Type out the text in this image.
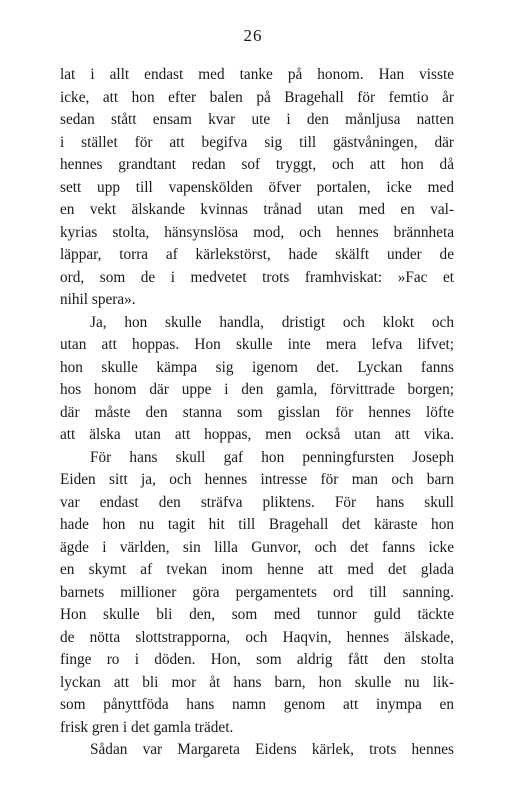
26
lat i allt endast med tanke på honom. Han visste
icke, att hon efter balen på Bragehall för femtio år
sedan stått ensam kvar ute i den månljusa natten
i stället för att begifva sig till gästvåningen, där
hennes grandtant redan sof tryggt, och att hon då
sett upp till vapenskölden öfver portalen, icke med
en vekt älskande kvinnas trånad utan med en val-
kyrias stolta, hänsynslösa mod, och hennes brännheta
läppar, torra af kärlekstörst, hade skälft under de
ord, som de i medvetet trots framhviskat: »Fac et
nihil spera».
Ja, hon skulle handla, dristigt och klokt och
utan att hoppas. Hon skulle inte mera lefva lifvet;
hon skulle kämpa sig igenom det. Lyckan fanns
hos honom där uppe i den gamla, förvittrade borgen;
där måste den stanna som gisslan för hennes löfte
att älska utan att hoppas, men också utan att vika.
För hans skull gaf hon penningfursten Joseph
Eiden sitt ja, och hennes intresse för man och barn
var endast den sträfva pliktens. För hans skull
hade hon nu tagit hit till Bragehall det käraste hon
ägde i världen, sin lilla Gunvor, och det fanns icke
en skymt af tvekan inom henne att med det glada
barnets millioner göra pergamentets ord till sanning.
Hon skulle bli den, som med tunnor guld täckte
de nötta slottstrapporna, och Haqvin, hennes älskade,
finge ro i döden. Hon, som aldrig fått den stolta
lyckan att bli mor åt hans barn, hon skulle nu lik-
som pånyttföda hans namn genom att inympa en
frisk gren i det gamla trädet.
Sådan var Margareta Eidens kärlek, trots hennes
